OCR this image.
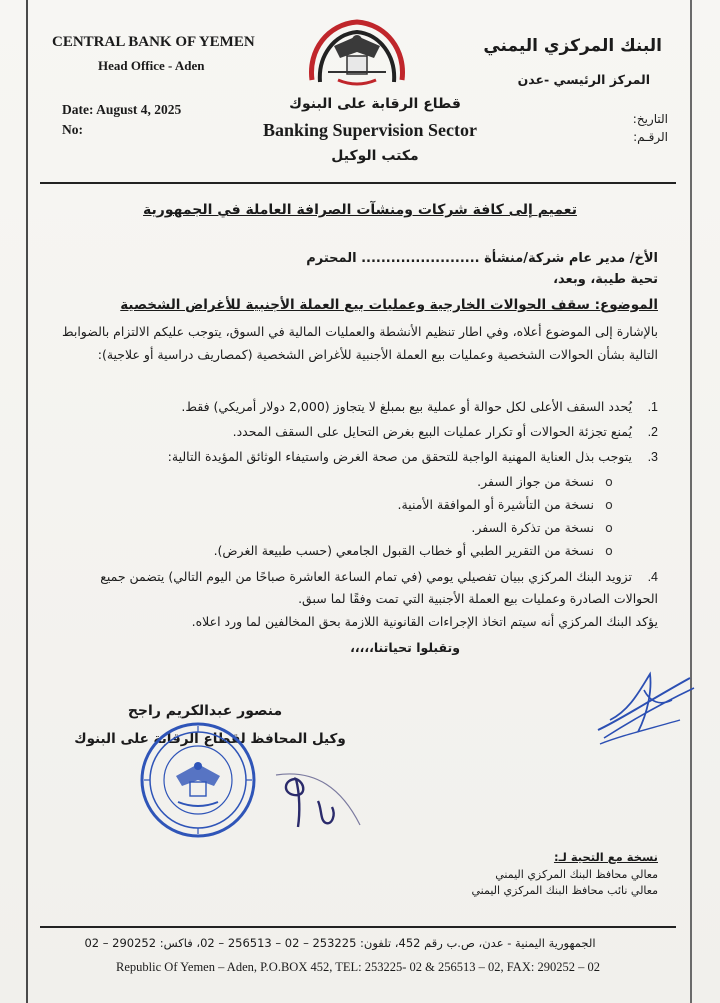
CENTRAL BANK OF YEMEN
Head Office - Aden
Date: August 4, 2025
No:
البنك المركزي اليمني
المركز الرئيسي -عدن
التاريخ:
الرقـم:
قطاع الرقابة على البنوك
Banking Supervision Sector
مكتب الوكيل
تعميم إلى كافة شركات ومنشآت الصرافة العاملة في الجمهورية
الأخ/ مدير عام شركة/منشأة ........................ المحترم
تحية طيبة، وبعد،
الموضوع: سقف الحوالات الخارجية وعمليات بيع العملة الأجنبية للأغراض الشخصية
بالإشارة إلى الموضوع أعلاه، وفي اطار تنظيم الأنشطة والعمليات المالية في السوق، يتوجب عليكم الالتزام بالضوابط التالية بشأن الحوالات الشخصية وعمليات بيع العملة الأجنبية للأغراض الشخصية (كمصاريف دراسية أو علاجية):
1. يُحدد السقف الأعلى لكل حوالة أو عملية بيع بمبلغ لا يتجاوز (2,000 دولار أمريكي) فقط.
2. يُمنع تجزئة الحوالات أو تكرار عمليات البيع بغرض التحايل على السقف المحدد.
3. يتوجب بذل العناية المهنية الواجبة للتحقق من صحة الغرض واستيفاء الوثائق المؤيدة التالية:
o نسخة من جواز السفر.
o نسخة من التأشيرة أو الموافقة الأمنية.
o نسخة من تذكرة السفر.
o نسخة من التقرير الطبي أو خطاب القبول الجامعي (حسب طبيعة الغرض).
4. تزويد البنك المركزي ببيان تفصيلي يومي (في تمام الساعة العاشرة صباحًا من اليوم التالي) يتضمن جميع الحوالات الصادرة وعمليات بيع العملة الأجنبية التي تمت وفقًا لما سبق.
يؤكد البنك المركزي أنه سيتم اتخاذ الإجراءات القانونية اللازمة بحق المخالفين لما ورد اعلاه.
وتقبلوا تحياتنا،،،،،
منصور عبدالكريم راجح
وكيل المحافظ لقطاع الرقابة على البنوك
نسخة مع التحية لـ:
معالي محافظ البنك المركزي اليمني
معالي نائب محافظ البنك المركزي اليمني
الجمهورية اليمنية - عدن، ص.ب رقم 452، تلفون: 253225 – 02 – 256513 – 02، فاكس: 290252 – 02
Republic Of Yemen – Aden, P.O.BOX 452, TEL: 253225- 02 & 256513 – 02, FAX: 290252 – 02
